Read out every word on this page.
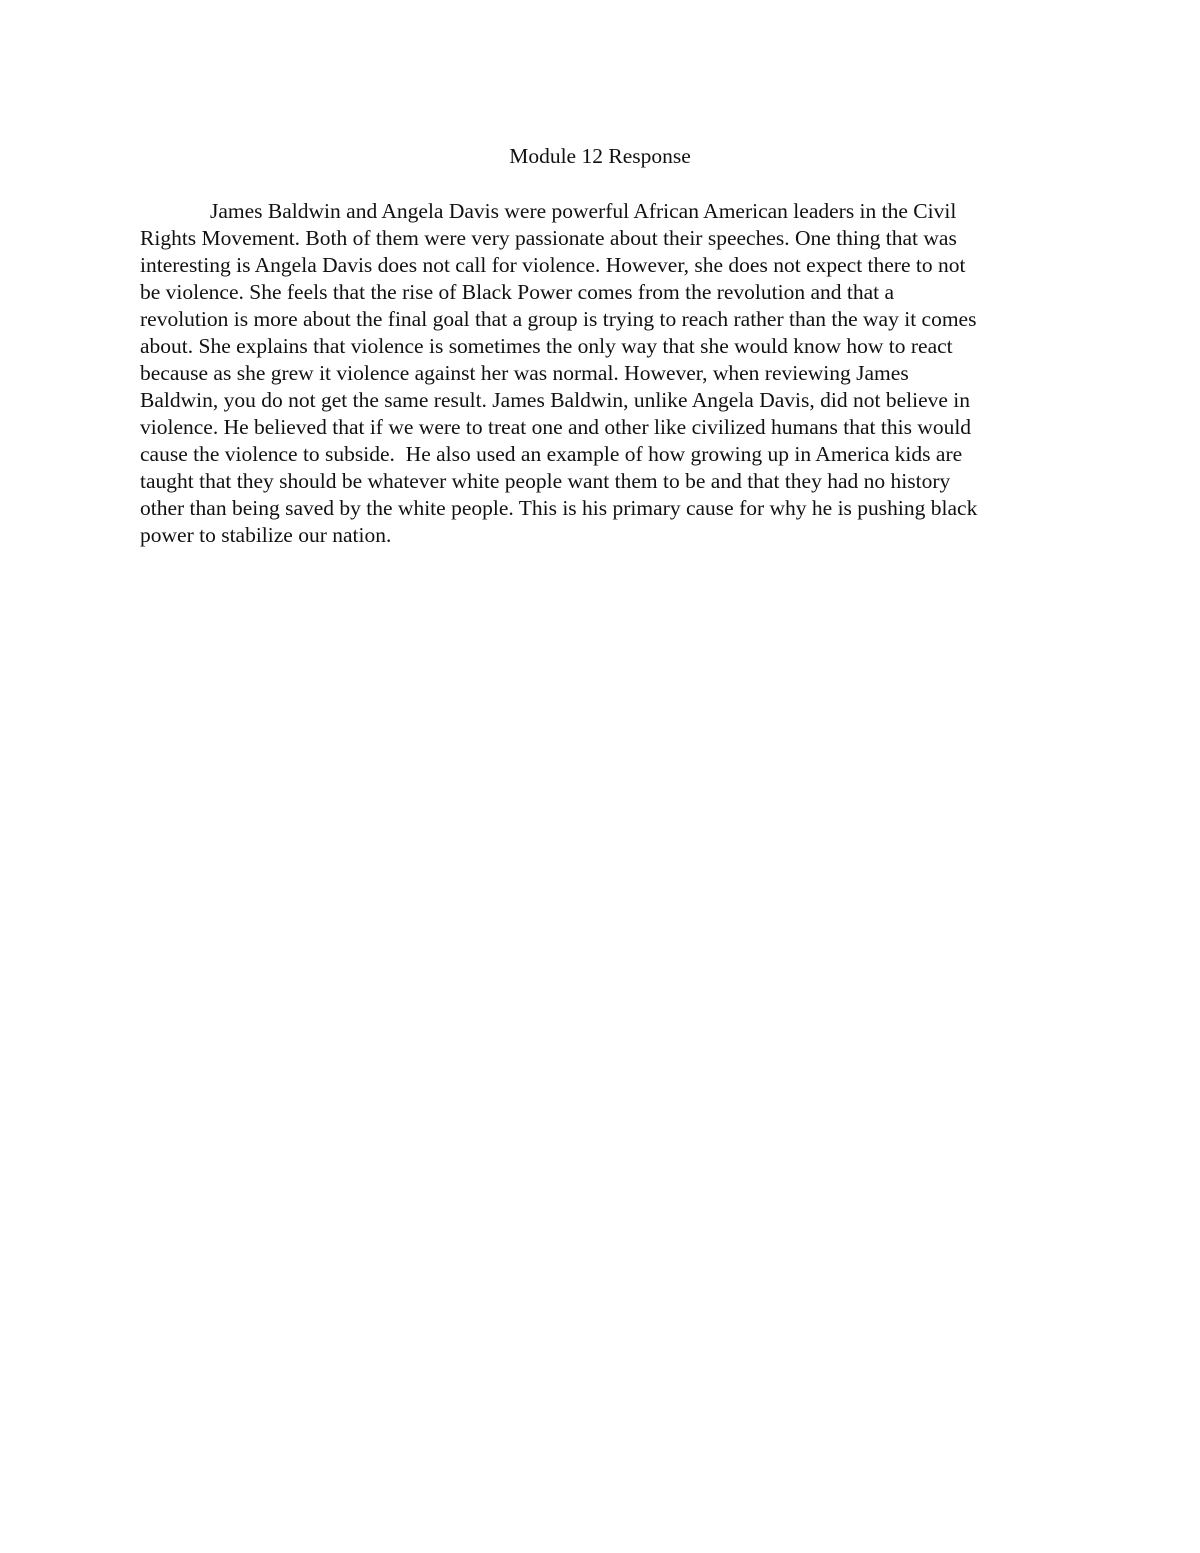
Module 12 Response
James Baldwin and Angela Davis were powerful African American leaders in the Civil
Rights Movement. Both of them were very passionate about their speeches. One thing that was
interesting is Angela Davis does not call for violence. However, she does not expect there to not
be violence. She feels that the rise of Black Power comes from the revolution and that a
revolution is more about the final goal that a group is trying to reach rather than the way it comes
about. She explains that violence is sometimes the only way that she would know how to react
because as she grew it violence against her was normal. However, when reviewing James
Baldwin, you do not get the same result. James Baldwin, unlike Angela Davis, did not believe in
violence. He believed that if we were to treat one and other like civilized humans that this would
cause the violence to subside.  He also used an example of how growing up in America kids are
taught that they should be whatever white people want them to be and that they had no history
other than being saved by the white people. This is his primary cause for why he is pushing black
power to stabilize our nation.
